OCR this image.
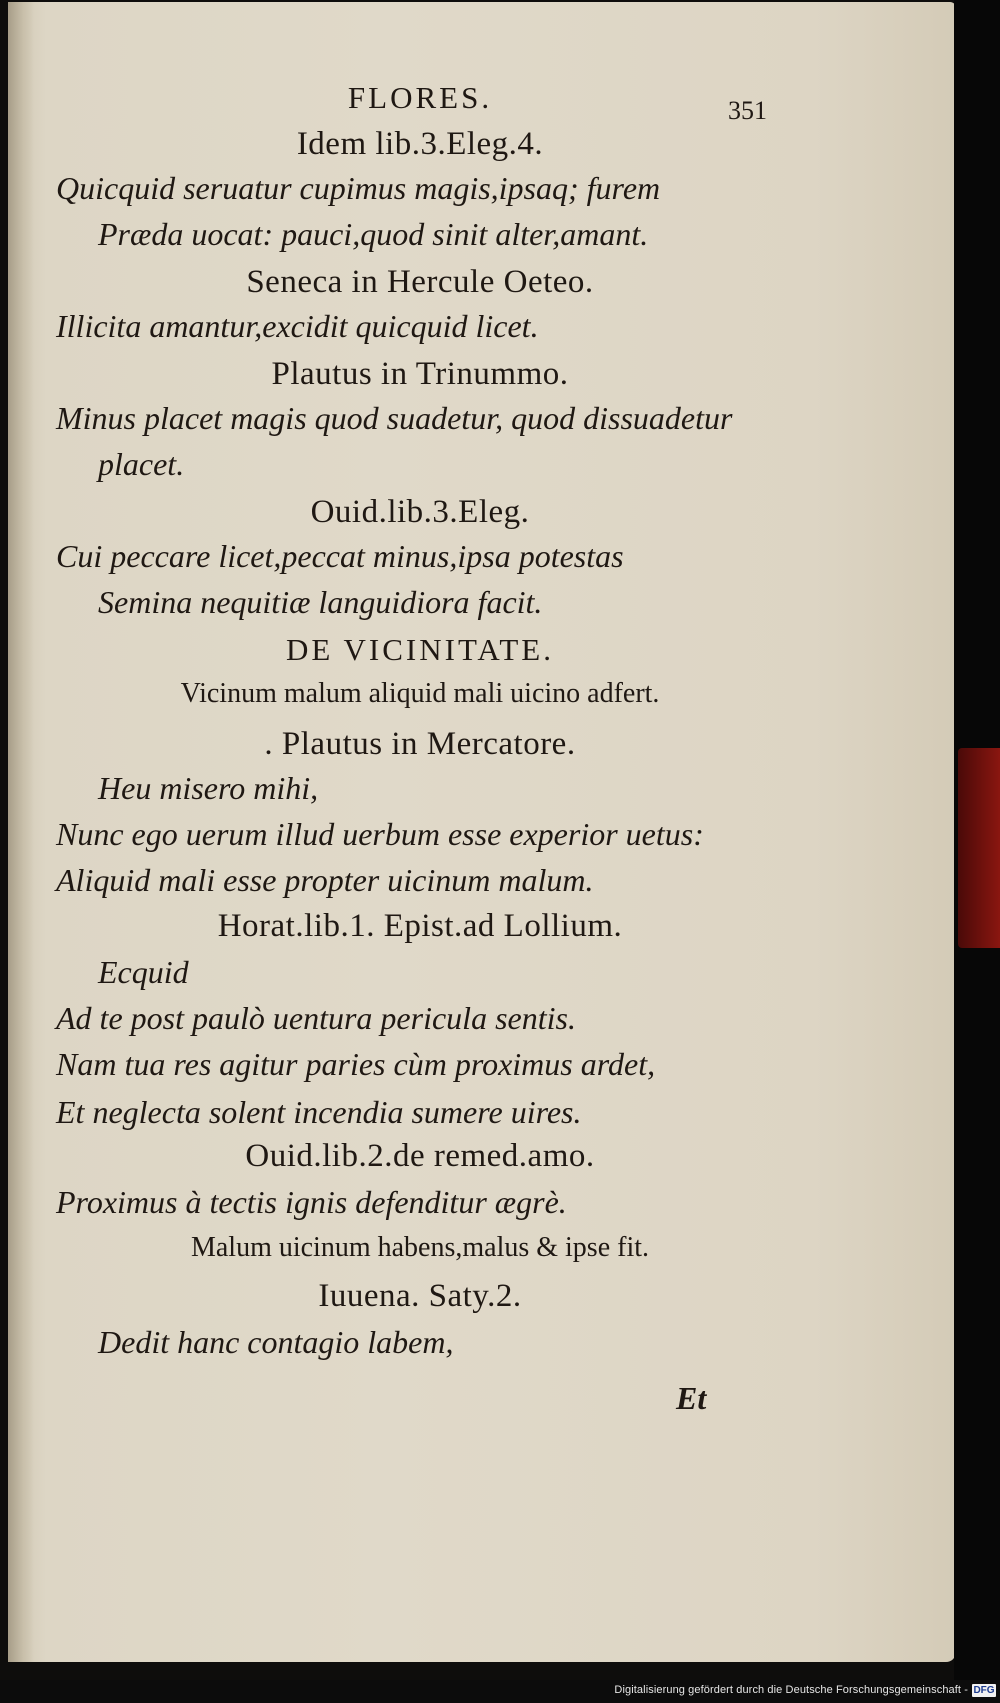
FLORES.	351
Idem lib.3.Eleg.4.
Quicquid seruatur cupimus magis,ipsaq; furem
Præda uocat: pauci,quod sinit alter,amant.
Seneca in Hercule Oeteo.
Illicita amantur,excidit quicquid licet.
Plautus in Trinummo.
Minus placet magis quod suadetur, quod dissuadetur
placet.
Ouid.lib.3.Eleg.
Cui peccare licet,peccat minus,ipsa potestas
Semina nequitiæ languidiora facit.
DE VICINITATE.
Vicinum malum aliquid mali uicino adfert.
. Plautus in Mercatore.
Heu misero mihi,
Nunc ego uerum illud uerbum esse experior uetus:
Aliquid mali esse propter uicinum malum.
Horat.lib.1. Epist.ad Lollium.
Ecquid
Ad te post paulò uentura pericula sentis.
Nam tua res agitur paries cùm proximus ardet,
Et neglecta solent incendia sumere uires.
Ouid.lib.2.de remed.amo.
Proximus à tectis ignis defenditur ægrè.
Malum uicinum habens,malus & ipse fit.
Iuuena. Saty.2.
Dedit hanc contagio labem,
Et
Digitalisierung gefördert durch die Deutsche Forschungsgemeinschaft - DFG
